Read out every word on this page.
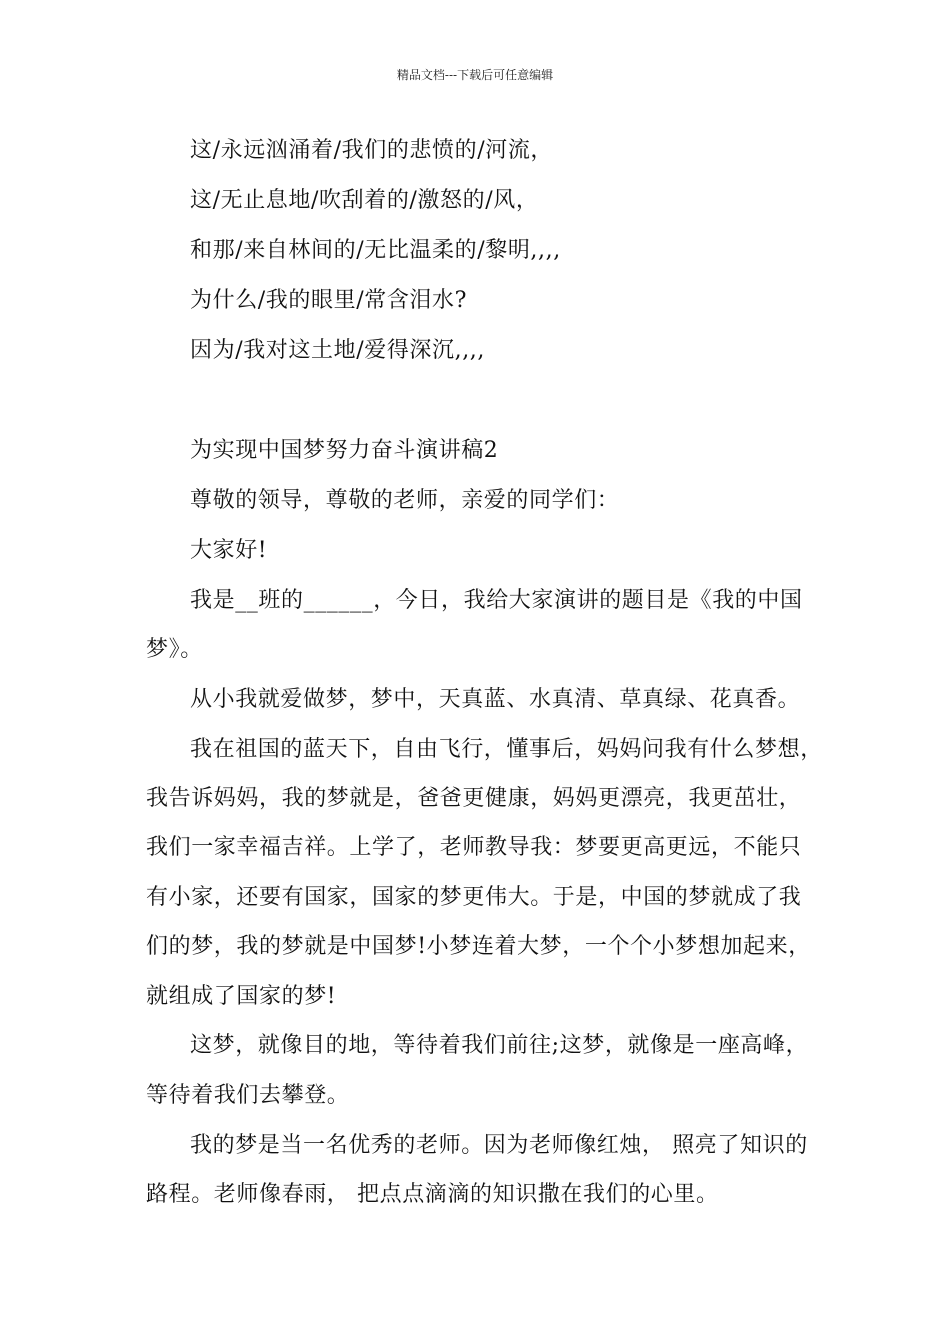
精品文档---下载后可任意编辑
这/永远汹涌着/我们的悲愤的/河流，
这/无止息地/吹刮着的/激怒的/风，
和那/来自林间的/无比温柔的/黎明,,,,
为什么/我的眼里/常含泪水?
因为/我对这土地/爱得深沉,,,,
为实现中国梦努力奋斗演讲稿2
尊敬的领导，尊敬的老师，亲爱的同学们：
大家好!
我是__班的______，今日，我给大家演讲的题目是《我的中国
梦》。
从小我就爱做梦，梦中，天真蓝、水真清、草真绿、花真香。
我在祖国的蓝天下，自由飞行，懂事后，妈妈问我有什么梦想，
我告诉妈妈，我的梦就是，爸爸更健康，妈妈更漂亮，我更茁壮，
我们一家幸福吉祥。上学了，老师教导我：梦要更高更远，不能只
有小家，还要有国家，国家的梦更伟大。于是，中国的梦就成了我
们的梦，我的梦就是中国梦!小梦连着大梦，一个个小梦想加起来，
就组成了国家的梦!
这梦，就像目的地，等待着我们前往;这梦，就像是一座高峰，
等待着我们去攀登。
我的梦是当一名优秀的老师。因为老师像红烛， 照亮了知识的
路程。老师像春雨， 把点点滴滴的知识撒在我们的心里。
